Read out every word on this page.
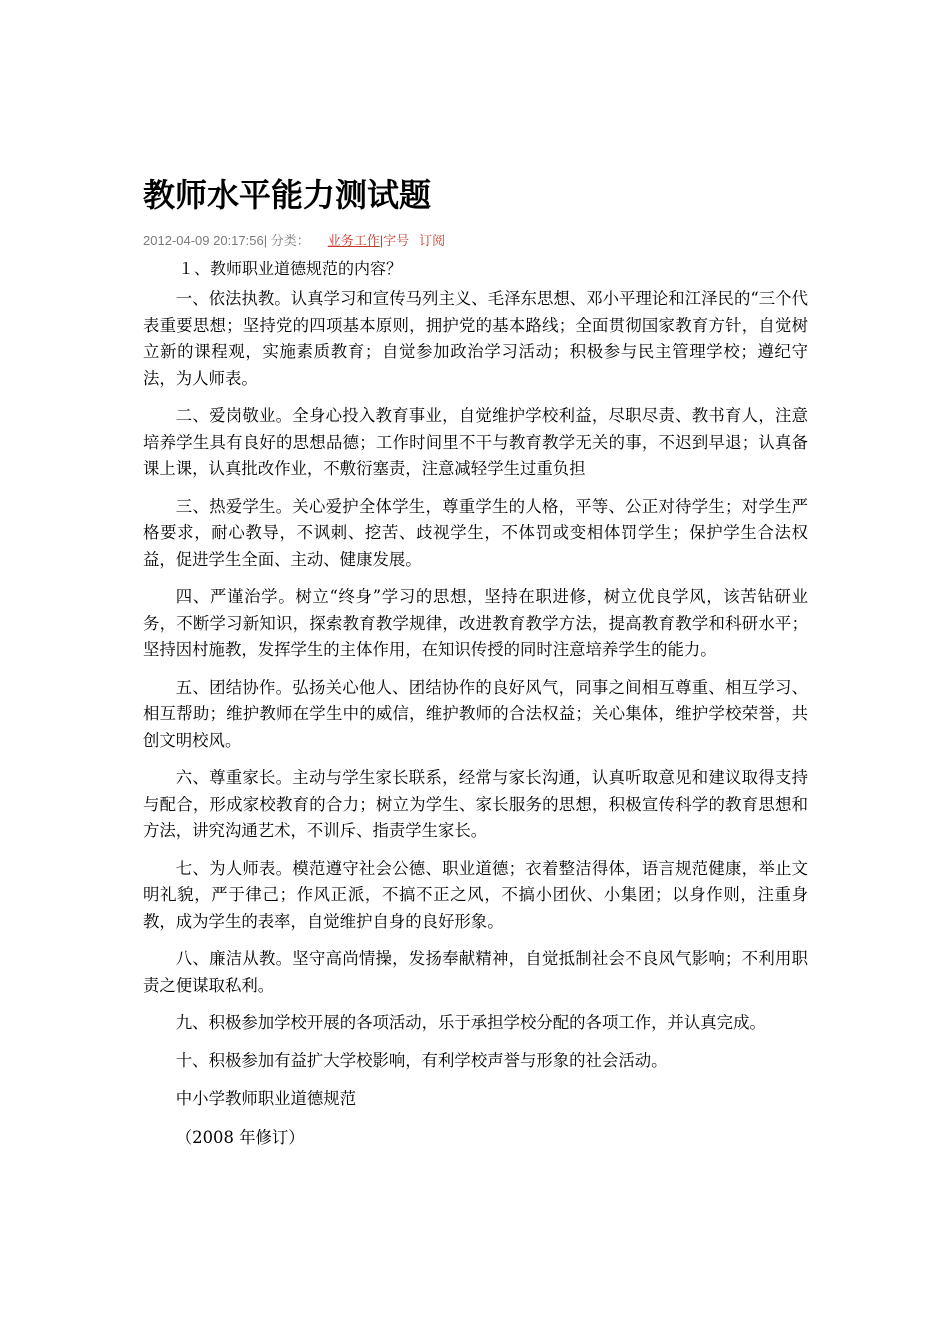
教师水平能力测试题
2012-04-09 20:17:56| 分类： 业务工作|字号 订阅
１、教师职业道德规范的内容？

一、依法执教。认真学习和宣传马列主义、毛泽东思想、邓小平理论和江泽民的“三个代表重要思想；坚持党的四项基本原则，拥护党的基本路线；全面贯彻国家教育方针，自觉树立新的课程观，实施素质教育；自觉参加政治学习活动；积极参与民主管理学校；遵纪守法，为人师表。

二、爱岗敬业。全身心投入教育事业，自觉维护学校利益，尽职尽责、教书育人，注意培养学生具有良好的思想品德；工作时间里不干与教育教学无关的事，不迟到早退；认真备课上课，认真批改作业，不敷衍塞责，注意减轻学生过重负担

三、热爱学生。关心爱护全体学生，尊重学生的人格，平等、公正对待学生；对学生严格要求，耐心教导，不讽刺、挖苦、歧视学生，不体罚或变相体罚学生；保护学生合法权益，促进学生全面、主动、健康发展。

四、严谨治学。树立“终身”学习的思想，坚持在职进修，树立优良学风，该苦钻研业务，不断学习新知识，探索教育教学规律，改进教育教学方法，提高教育教学和科研水平；坚持因村施教，发挥学生的主体作用，在知识传授的同时注意培养学生的能力。

五、团结协作。弘扬关心他人、团结协作的良好风气，同事之间相互尊重、相互学习、相互帮助；维护教师在学生中的威信，维护教师的合法权益；关心集体，维护学校荣誉，共创文明校风。

六、尊重家长。主动与学生家长联系，经常与家长沟通，认真听取意见和建议取得支持与配合，形成家校教育的合力；树立为学生、家长服务的思想，积极宣传科学的教育思想和方法，讲究沟通艺术，不训斥、指责学生家长。

七、为人师表。模范遵守社会公德、职业道德；衣着整洁得体，语言规范健康，举止文明礼貌，严于律己；作风正派，不搞不正之风，不搞小团伙、小集团；以身作则，注重身教，成为学生的表率，自觉维护自身的良好形象。

八、廉洁从教。坚守高尚情操，发扬奉献精神，自觉抵制社会不良风气影响；不利用职责之便谋取私利。

九、积极参加学校开展的各项活动，乐于承担学校分配的各项工作，并认真完成。

十、积极参加有益扩大学校影响，有利学校声誉与形象的社会活动。

中小学教师职业道德规范

（2008 年修订）
